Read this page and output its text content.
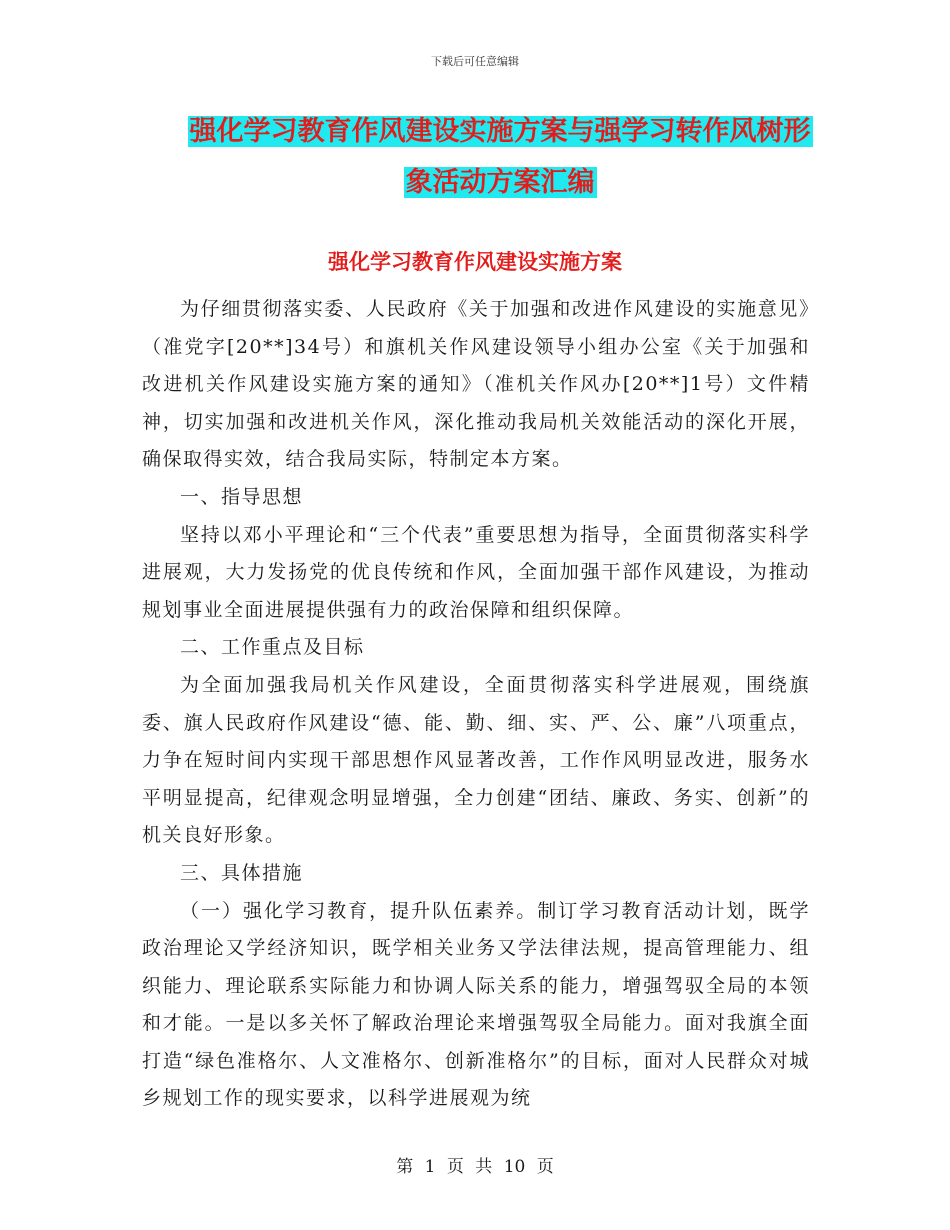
下载后可任意编辑
强化学习教育作风建设实施方案与强学习转作风树形
象活动方案汇编
强化学习教育作风建设实施方案

为仔细贯彻落实委、人民政府《关于加强和改进作风建设的实施意见》（准党字[20**]34号）和旗机关作风建设领导小组办公室《关于加强和改进机关作风建设实施方案的通知》（准机关作风办[20**]1号）文件精神，切实加强和改进机关作风，深化推动我局机关效能活动的深化开展，确保取得实效，结合我局实际，特制定本方案。

一、指导思想

坚持以邓小平理论和“三个代表”重要思想为指导，全面贯彻落实科学进展观，大力发扬党的优良传统和作风，全面加强干部作风建设，为推动规划事业全面进展提供强有力的政治保障和组织保障。

二、工作重点及目标

为全面加强我局机关作风建设，全面贯彻落实科学进展观，围绕旗委、旗人民政府作风建设“德、能、勤、细、实、严、公、廉”八项重点，力争在短时间内实现干部思想作风显著改善，工作作风明显改进，服务水平明显提高，纪律观念明显增强，全力创建“团结、廉政、务实、创新”的机关良好形象。

三、具体措施

（一）强化学习教育，提升队伍素养。制订学习教育活动计划，既学政治理论又学经济知识，既学相关业务又学法律法规，提高管理能力、组织能力、理论联系实际能力和协调人际关系的能力，增强驾驭全局的本领和才能。一是以多关怀了解政治理论来增强驾驭全局能力。面对我旗全面打造“绿色准格尔、人文准格尔、创新准格尔”的目标，面对人民群众对城乡规划工作的现实要求，以科学进展观为统

第 1 页 共 10 页
